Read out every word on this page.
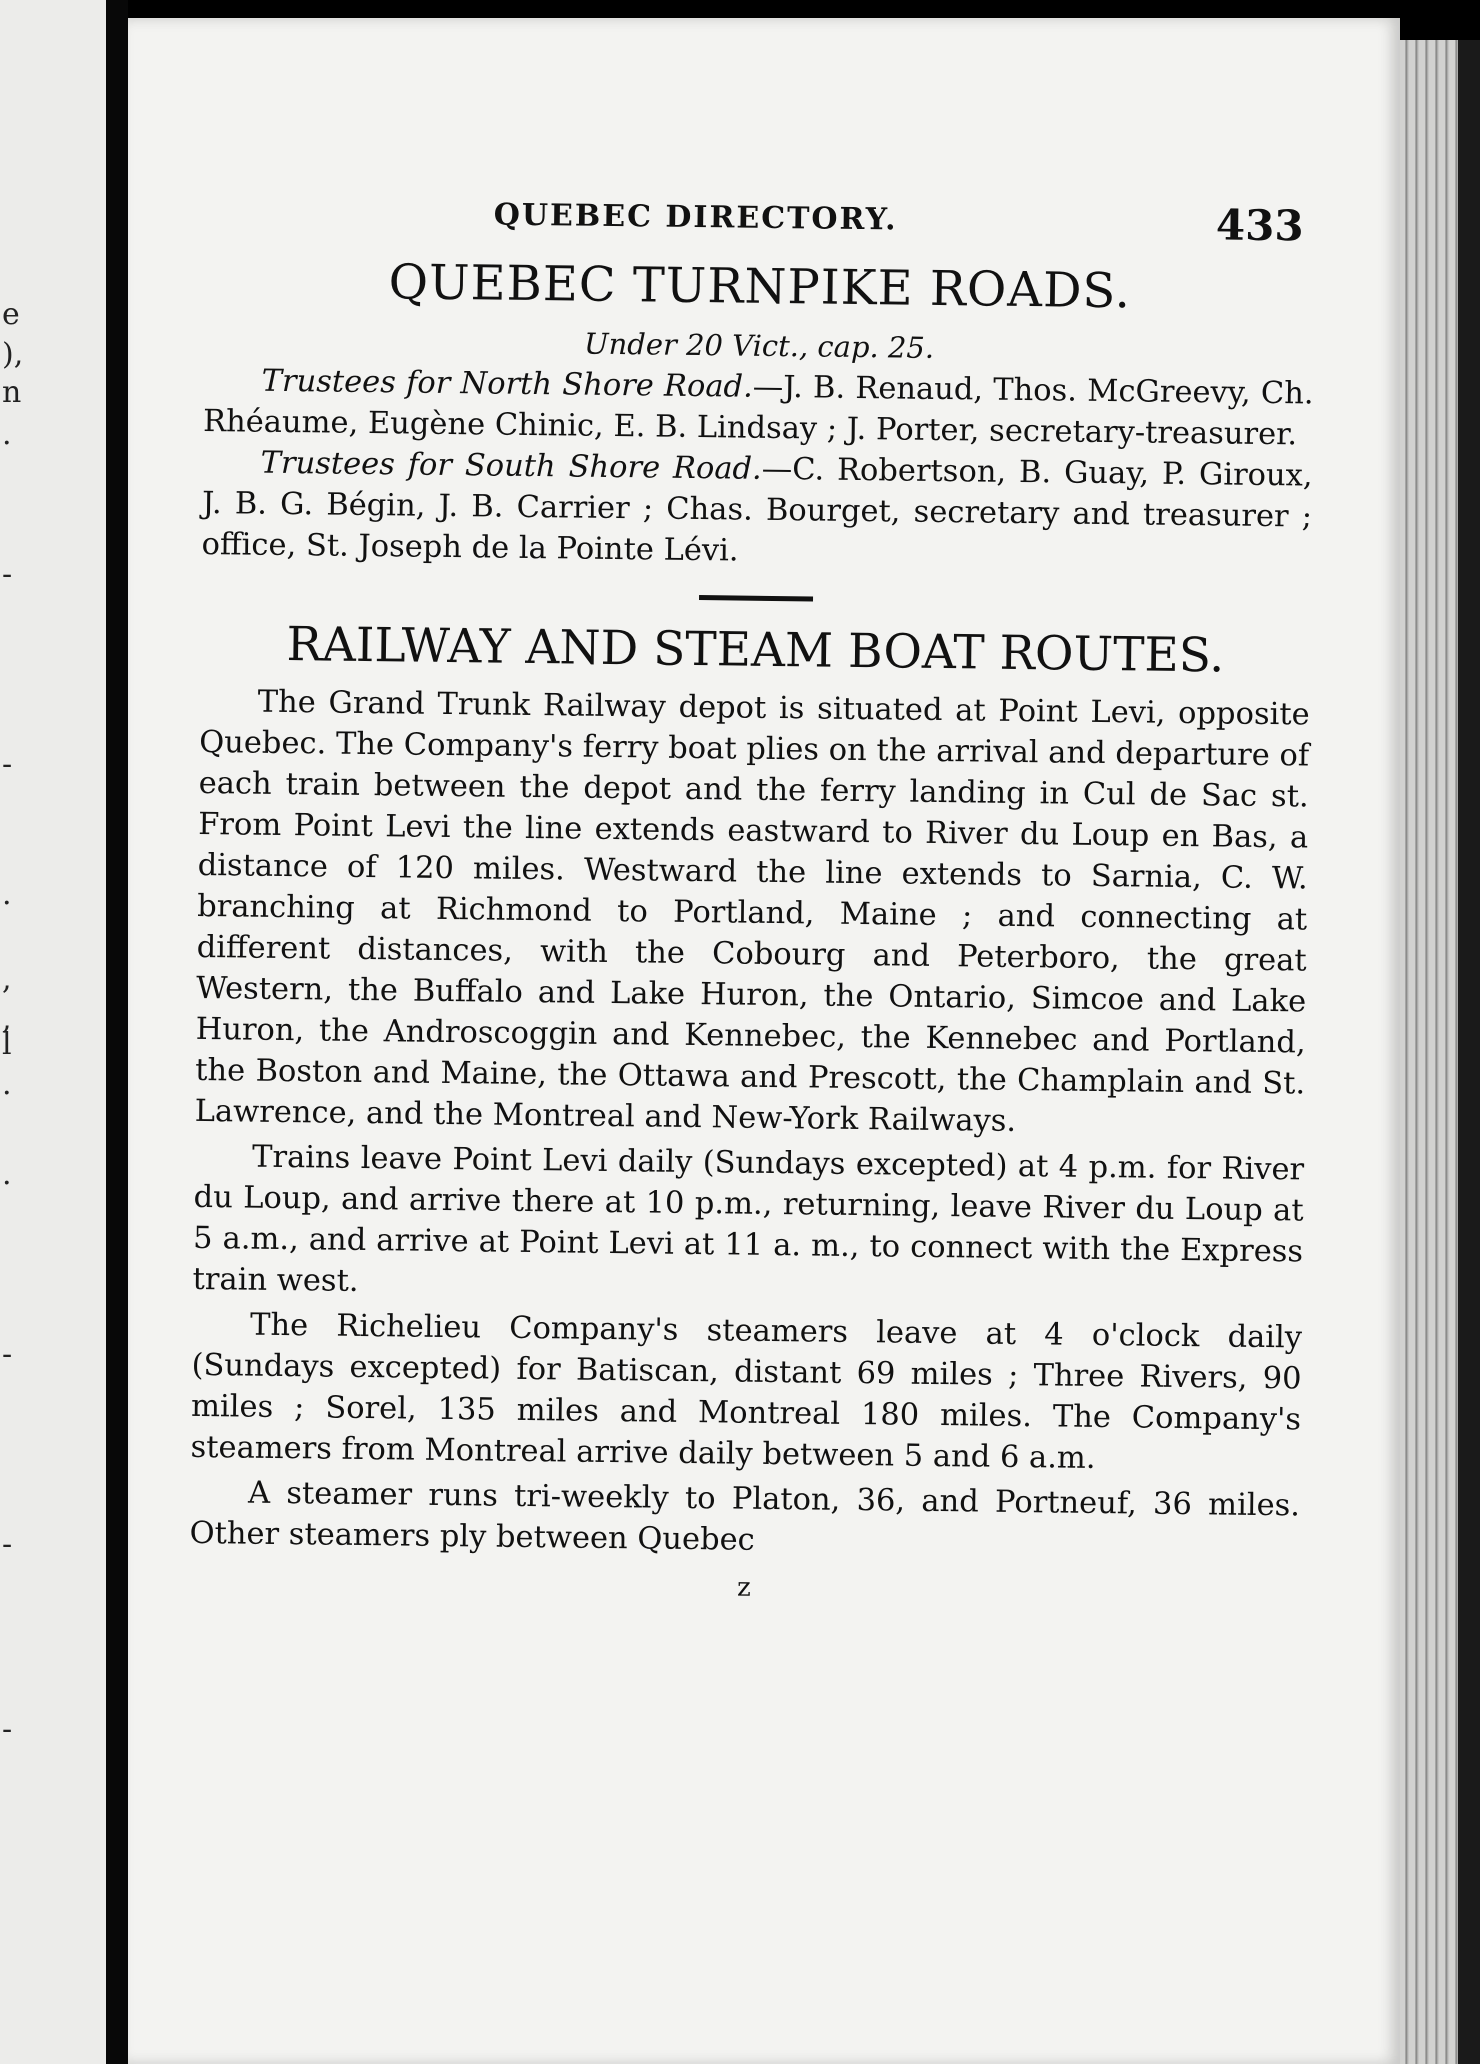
e
),
n
.
-
-
.
,
,
l
.
.
-
-
-
QUEBEC DIRECTORY.	433
QUEBEC TURNPIKE ROADS.
Under 20 Vict., cap. 25.

Trustees for North Shore Road.—J. B. Renaud, Thos. McGreevy, Ch. Rhéaume, Eugène Chinic, E. B. Lindsay ; J. Porter, secretary-treasurer.

Trustees for South Shore Road.—C. Robertson, B. Guay, P. Giroux, J. B. G. Bégin, J. B. Carrier ; Chas. Bourget, secretary and treasurer ; office, St. Joseph de la Pointe Lévi.

RAILWAY AND STEAM BOAT ROUTES.

The Grand Trunk Railway depot is situated at Point Levi, opposite Quebec. The Company's ferry boat plies on the arrival and departure of each train between the depot and the ferry landing in Cul de Sac st. From Point Levi the line extends eastward to River du Loup en Bas, a distance of 120 miles. Westward the line extends to Sarnia, C. W. branching at Richmond to Portland, Maine ; and connecting at different distances, with the Cobourg and Peterboro, the great Western, the Buffalo and Lake Huron, the Ontario, Simcoe and Lake Huron, the Androscoggin and Kennebec, the Kennebec and Portland, the Boston and Maine, the Ottawa and Prescott, the Champlain and St. Lawrence, and the Montreal and New-York Railways.

Trains leave Point Levi daily (Sundays excepted) at 4 p.m. for River du Loup, and arrive there at 10 p.m., returning, leave River du Loup at 5 a.m., and arrive at Point Levi at 11 a. m., to connect with the Express train west.

The Richelieu Company's steamers leave at 4 o'clock daily (Sundays excepted) for Batiscan, distant 69 miles ; Three Rivers, 90 miles ; Sorel, 135 miles and Montreal 180 miles. The Company's steamers from Montreal arrive daily between 5 and 6 a.m.

A steamer runs tri-weekly to Platon, 36, and Portneuf, 36 miles. Other steamers ply between Quebec

z
